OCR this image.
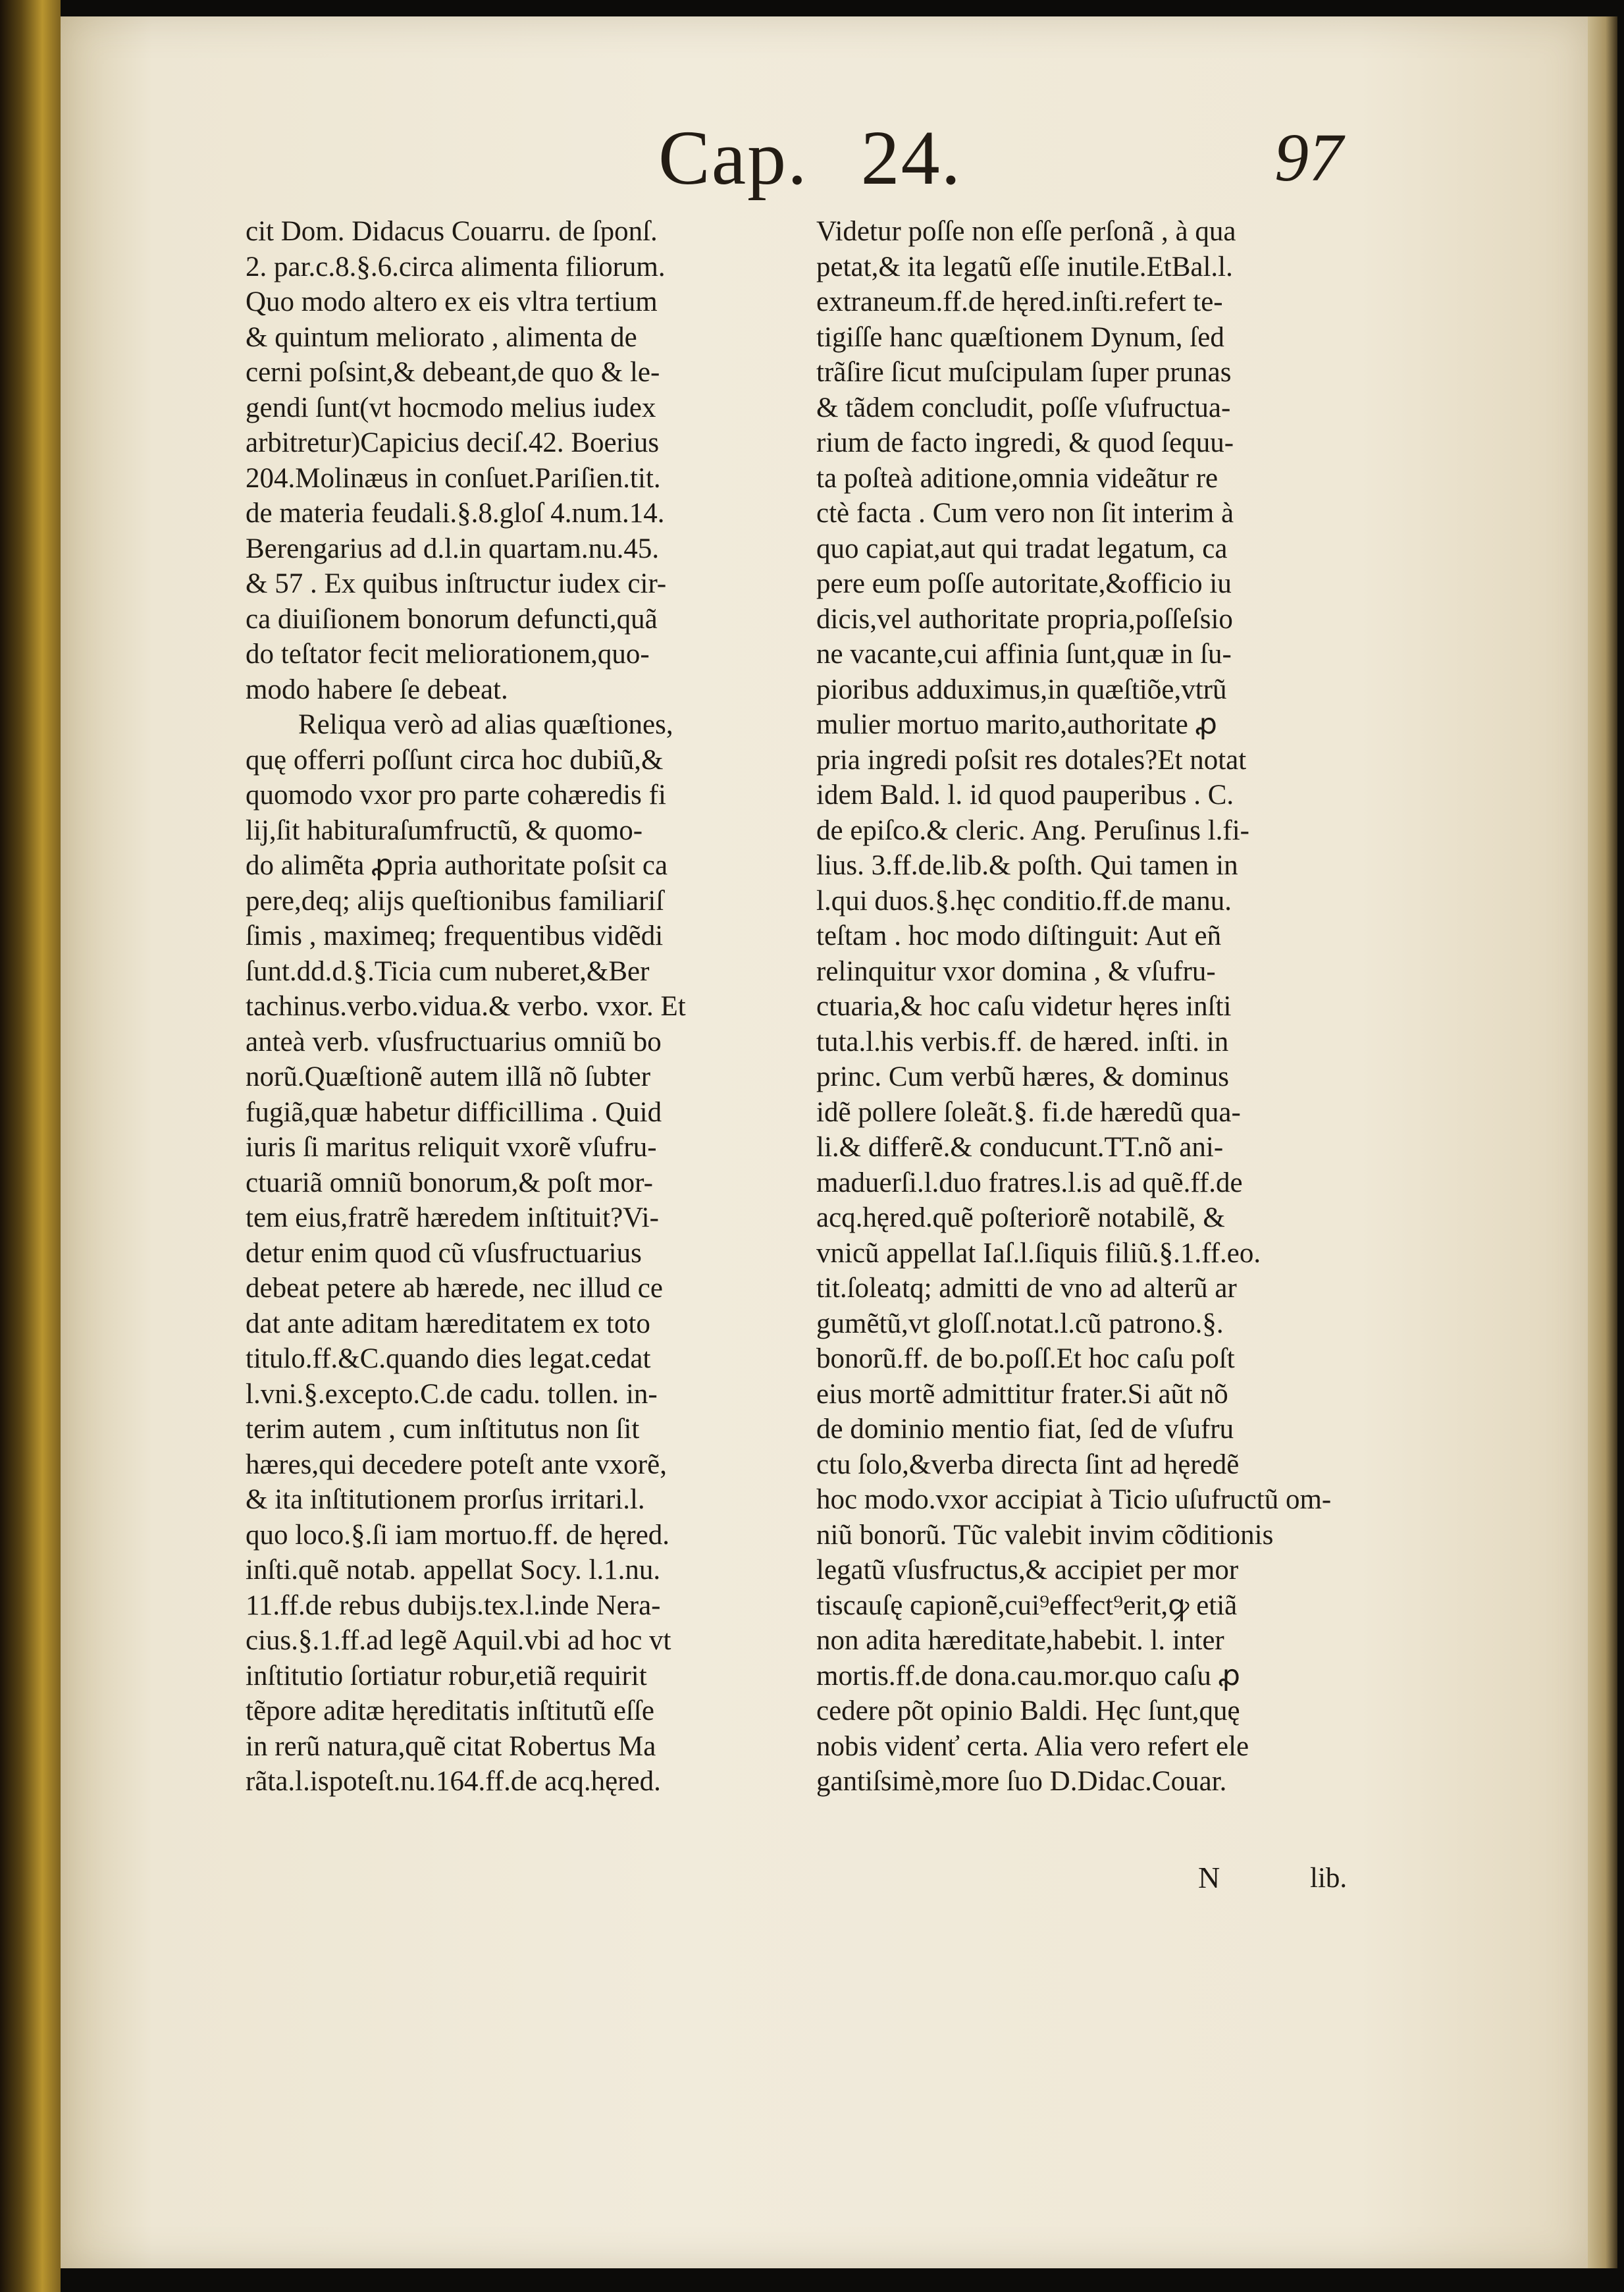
Cap. 24.	97
cit Dom. Didacus Couarru. de ſponſ.
2. par.c.8.§.6.circa alimenta filiorum.
Quo modo altero ex eis vltra tertium
& quintum meliorato , alimenta de
cerni poſsint,& debeant,de quo & le-
gendi ſunt(vt hocmodo melius iudex
arbitretur)Capicius deciſ.42. Boerius
204.Molinæus in conſuet.Pariſien.tit.
de materia feudali.§.8.gloſ 4.num.14.
Berengarius ad d.l.in quartam.nu.45.
& 57 . Ex quibus inſtructur iudex cir-
ca diuiſionem bonorum defuncti,quã
do teſtator fecit meliorationem,quo-
modo habere ſe debeat.
Reliqua verò ad alias quæſtiones,
quę offerri poſſunt circa hoc dubiũ,&
quomodo vxor pro parte cohæredis fi
lij,ſit habituraſumfructũ, & quomo-
do alimẽta ꝓpria authoritate poſsit ca
pere,deq; alijs queſtionibus familiariſ
ſimis , maximeq; frequentibus vidẽdi
ſunt.dd.d.§.Ticia cum nuberet,&Ber
tachinus.verbo.vidua.& verbo. vxor. Et
anteà verb. vſusfructuarius omniũ bo
norũ.Quæſtionẽ autem illã nõ ſubter
fugiã,quæ habetur difficillima . Quid
iuris ſi maritus reliquit vxorẽ vſufru-
ctuariã omniũ bonorum,& poſt mor-
tem eius,fratrẽ hæredem inſtituit?Vi-
detur enim quod cũ vſusfructuarius
debeat petere ab hærede, nec illud ce
dat ante aditam hæreditatem ex toto
titulo.ff.&C.quando dies legat.cedat
l.vni.§.excepto.C.de cadu. tollen. in-
terim autem , cum inſtitutus non ſit
hæres,qui decedere poteſt ante vxorẽ,
& ita inſtitutionem prorſus irritari.l.
quo loco.§.ſi iam mortuo.ff. de hęred.
inſti.quẽ notab. appellat Socy. l.1.nu.
11.ff.de rebus dubijs.tex.l.inde Nera-
cius.§.1.ff.ad legẽ Aquil.vbi ad hoc vt
inſtitutio ſortiatur robur,etiã requirit
tẽpore aditæ hęreditatis inſtitutũ eſſe
in rerũ natura,quẽ citat Robertus Ma
rãta.l.ispoteſt.nu.164.ff.de acq.hęred.
Videtur poſſe non eſſe perſonã , à qua
petat,& ita legatũ eſſe inutile.EtBal.l.
extraneum.ff.de hęred.inſti.refert te-
tigiſſe hanc quæſtionem Dynum, ſed
trãſire ſicut muſcipulam ſuper prunas
& tãdem concludit, poſſe vſufructua-
rium de facto ingredi, & quod ſequu-
ta poſteà aditione,omnia videãtur re
ctè facta . Cum vero non ſit interim à
quo capiat,aut qui tradat legatum, ca
pere eum poſſe autoritate,&officio iu
dicis,vel authoritate propria,poſſeſsio
ne vacante,cui affinia ſunt,quæ in ſu-
pioribus adduximus,in quæſtiõe,vtrũ
mulier mortuo marito,authoritate ꝓ
pria ingredi poſsit res dotales?Et notat
idem Bald. l. id quod pauperibus . C.
de epiſco.& cleric. Ang. Peruſinus l.fi-
lius. 3.ff.de.lib.& poſth. Qui tamen in
l.qui duos.§.hęc conditio.ff.de manu.
teſtam . hoc modo diſtinguit: Aut eñ
relinquitur vxor domina , & vſufru-
ctuaria,& hoc caſu videtur hęres inſti
tuta.l.his verbis.ff. de hæred. inſti. in
princ. Cum verbũ hæres, & dominus
idẽ pollere ſoleãt.§. fi.de hæredũ qua-
li.& differẽ.& conducunt.TT.nõ ani-
maduerſi.l.duo fratres.l.is ad quẽ.ff.de
acq.hęred.quẽ poſteriorẽ notabilẽ, &
vnicũ appellat Iaſ.l.ſiquis filiũ.§.1.ff.eo.
tit.ſoleatq; admitti de vno ad alterũ ar
gumẽtũ,vt gloſſ.notat.l.cũ patrono.§.
bonorũ.ff. de bo.poſſ.Et hoc caſu poſt
eius mortẽ admittitur frater.Si aũt nõ
de dominio mentio fiat, ſed de vſufru
ctu ſolo,&verba directa ſint ad hęredẽ
hoc modo.vxor accipiat à Ticio uſufructũ om-
niũ bonorũ. Tũc valebit invim cõditionis
legatũ vſusfructus,& accipiet per mor
tiscauſę capionẽ,cui⁹effect⁹erit,ꝙ etiã
non adita hæreditate,habebit. l. inter
mortis.ff.de dona.cau.mor.quo caſu ꝓ
cedere põt opinio Baldi. Hęc ſunt,quę
nobis videnť certa. Alia vero refert ele
gantiſsimè,more ſuo D.Didac.Couar.
N	lib.
